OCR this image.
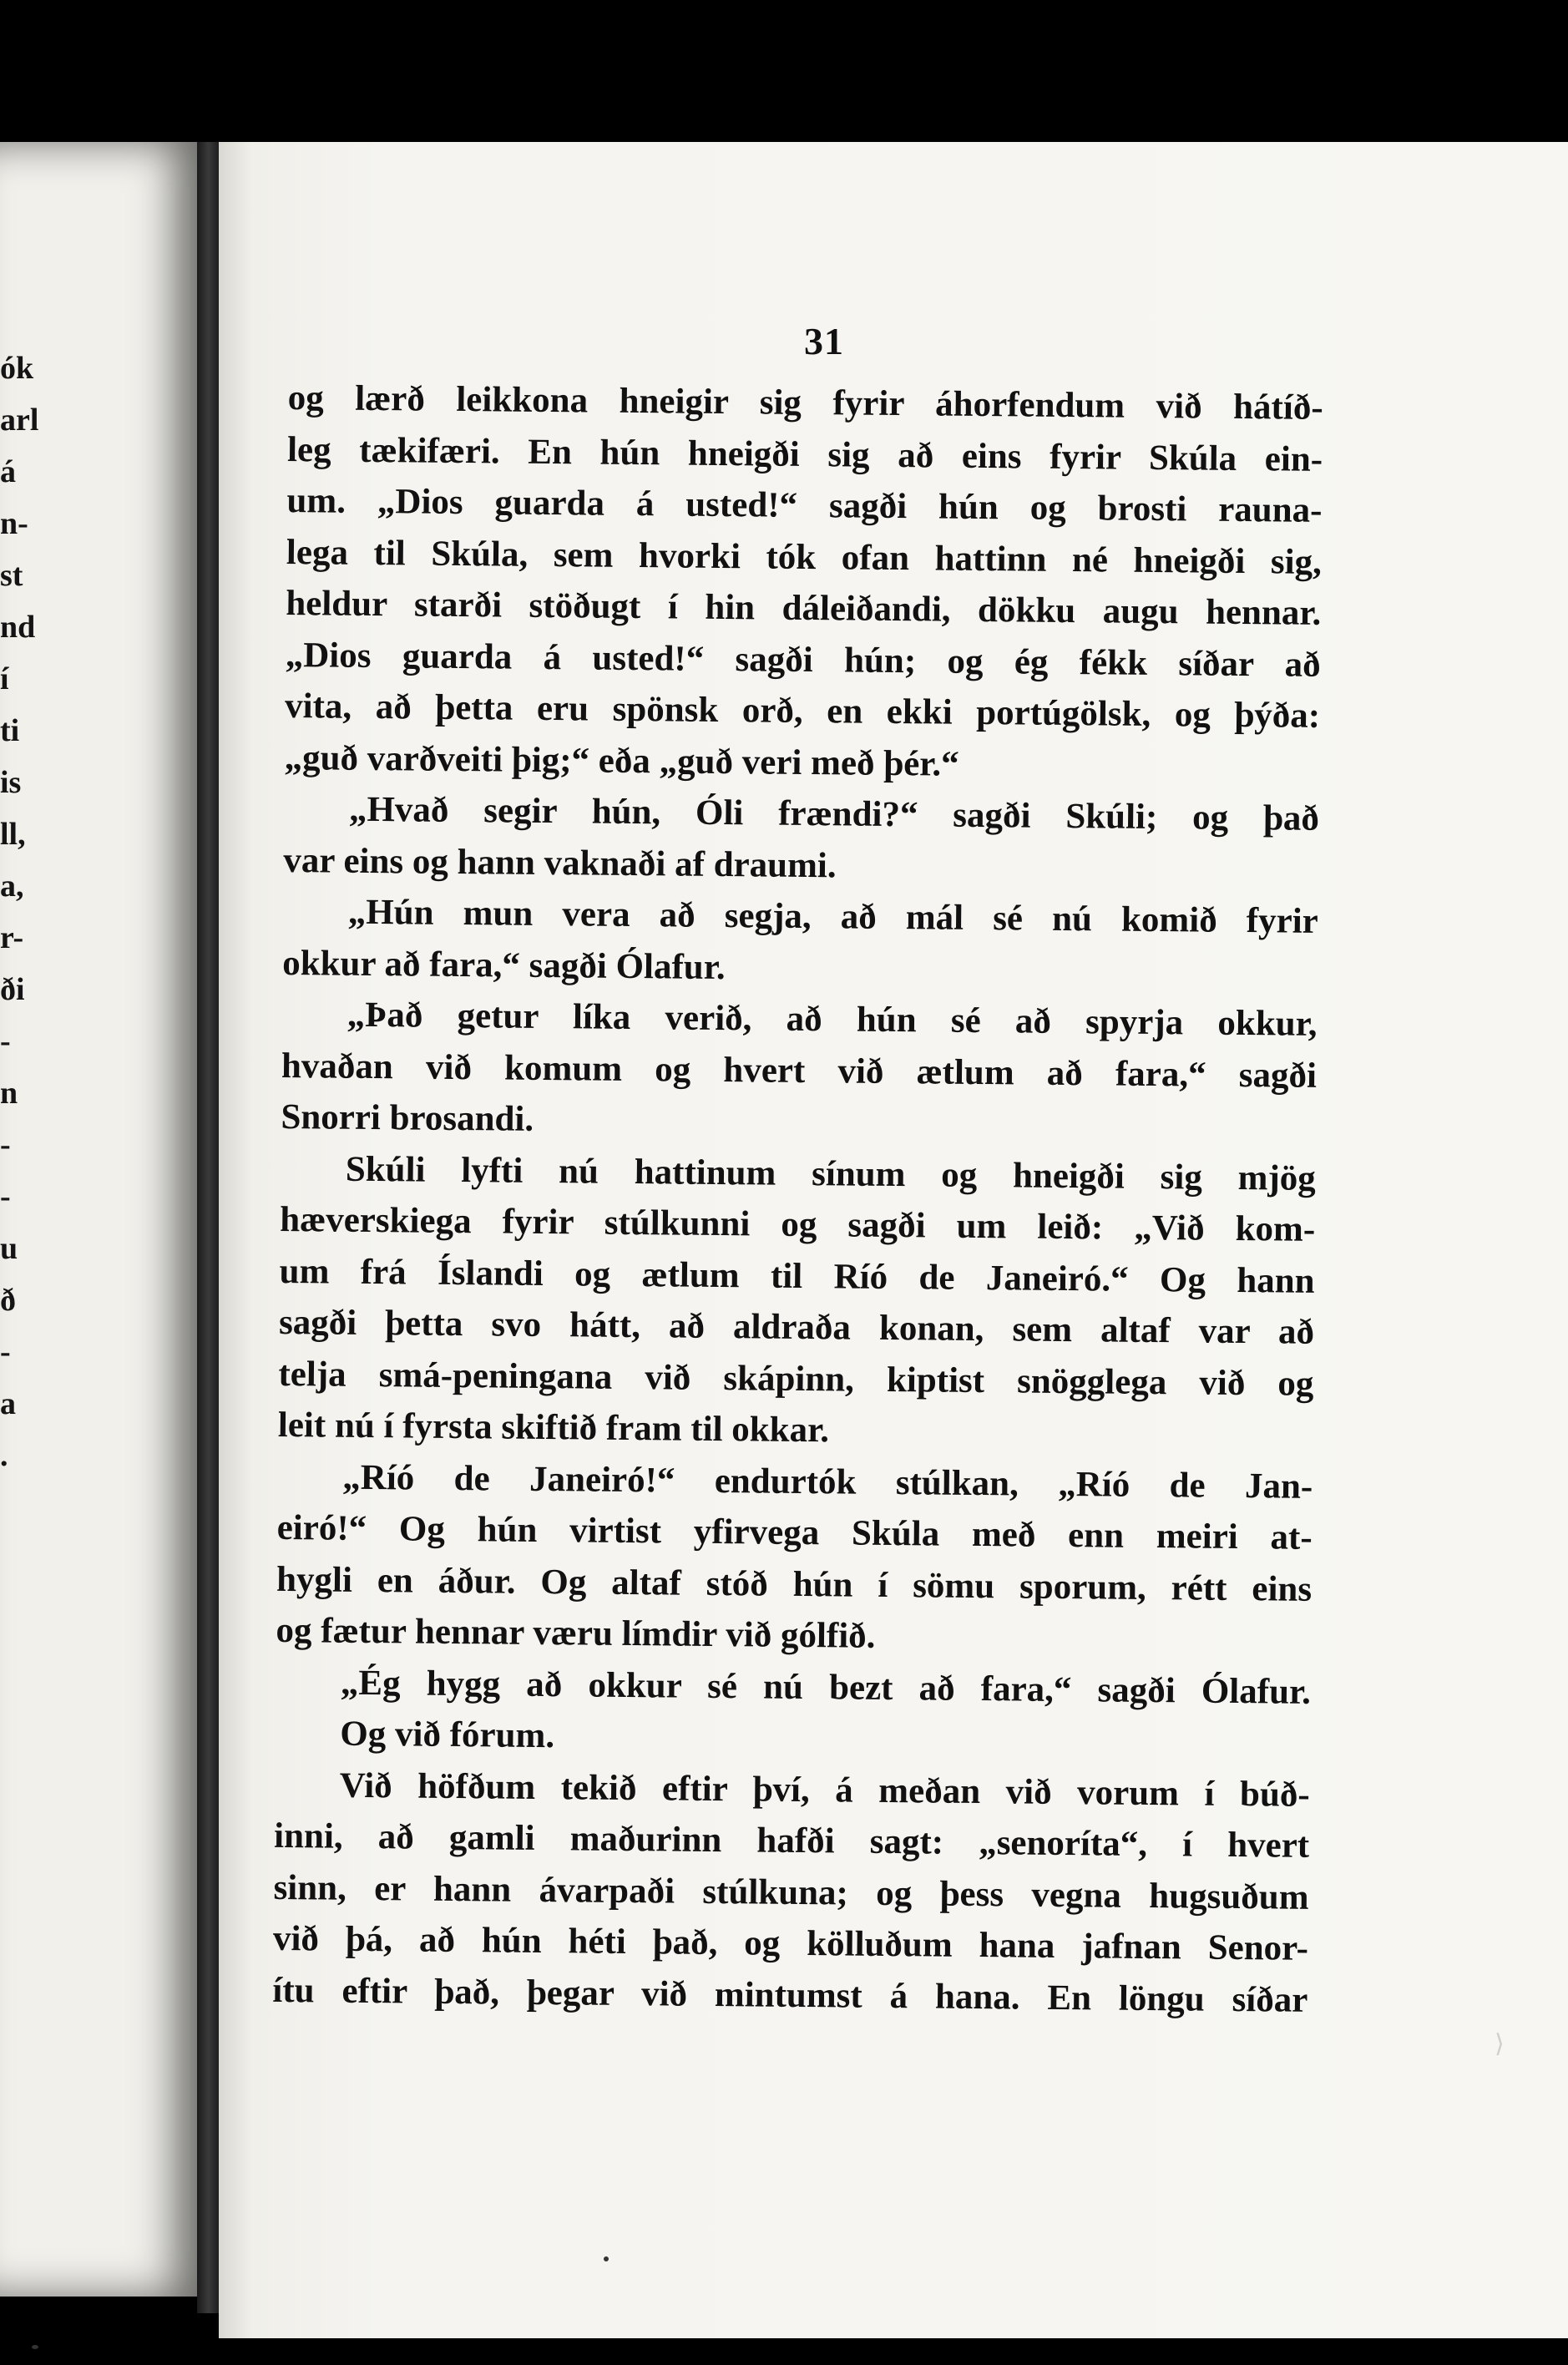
ók
arl
á
n-
st
nd
í
ti
is
ll,
a,
r-
ði
-
n
-
-
u
ð
-
a
.
31
og lærð leikkona hneigir sig fyrir áhorfendum við hátíð-
leg tækifæri. En hún hneigði sig að eins fyrir Skúla ein-
um. „Dios guarda á usted!“ sagði hún og brosti rauna-
lega til Skúla, sem hvorki tók ofan hattinn né hneigði sig,
heldur starði stöðugt í hin dáleiðandi, dökku augu hennar.
„Dios guarda á usted!“ sagði hún; og ég fékk síðar að
vita, að þetta eru spönsk orð, en ekki portúgölsk, og þýða:
„guð varðveiti þig;“ eða „guð veri með þér.“
„Hvað segir hún, Óli frændi?“ sagði Skúli; og það
var eins og hann vaknaði af draumi.
„Hún mun vera að segja, að mál sé nú komið fyrir
okkur að fara,“ sagði Ólafur.
„Það getur líka verið, að hún sé að spyrja okkur,
hvaðan við komum og hvert við ætlum að fara,“ sagði
Snorri brosandi.
Skúli lyfti nú hattinum sínum og hneigði sig mjög
hæverskiega fyrir stúlkunni og sagði um leið: „Við kom-
um frá Íslandi og ætlum til Ríó de Janeiró.“ Og hann
sagði þetta svo hátt, að aldraða konan, sem altaf var að
telja smá-peningana við skápinn, kiptist snögglega við og
leit nú í fyrsta skiftið fram til okkar.
„Ríó de Janeiró!“ endurtók stúlkan, „Ríó de Jan-
eiró!“ Og hún virtist yfirvega Skúla með enn meiri at-
hygli en áður. Og altaf stóð hún í sömu sporum, rétt eins
og fætur hennar væru límdir við gólfið.
„Ég hygg að okkur sé nú bezt að fara,“ sagði Ólafur.
Og við fórum.
Við höfðum tekið eftir því, á meðan við vorum í búð-
inni, að gamli maðurinn hafði sagt: „senoríta“, í hvert
sinn, er hann ávarpaði stúlkuna; og þess vegna hugsuðum
við þá, að hún héti það, og kölluðum hana jafnan Senor-
ítu eftir það, þegar við mintumst á hana. En löngu síðar
⟩
